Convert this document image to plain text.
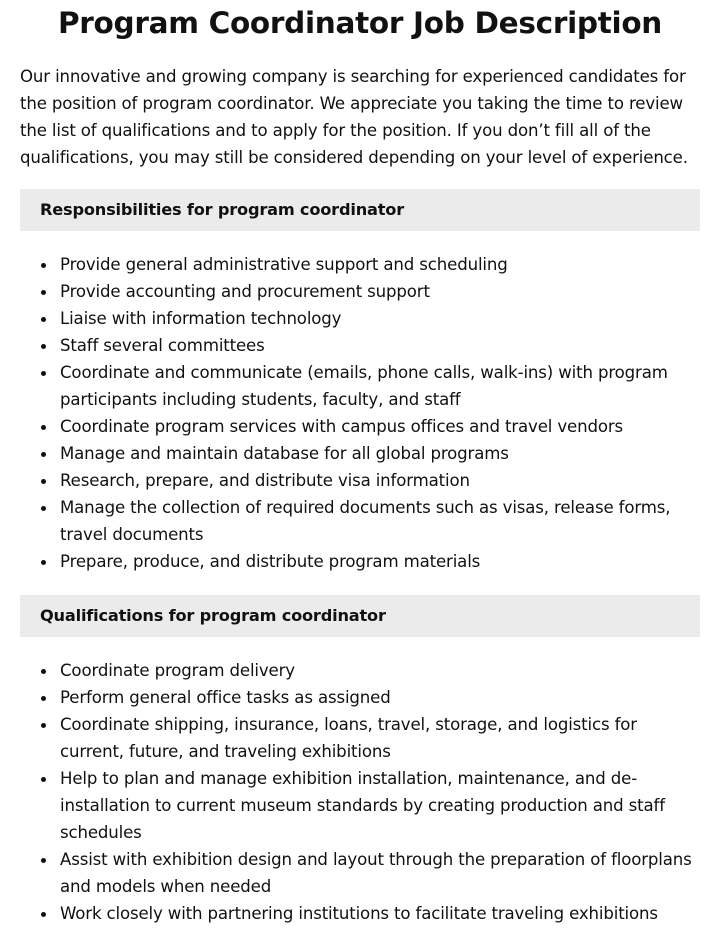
Program Coordinator Job Description

Our innovative and growing company is searching for experienced candidates for the position of program coordinator. We appreciate you taking the time to review the list of qualifications and to apply for the position. If you don’t fill all of the qualifications, you may still be considered depending on your level of experience.

Responsibilities for program coordinator
Provide general administrative support and scheduling
Provide accounting and procurement support
Liaise with information technology
Staff several committees
Coordinate and communicate (emails, phone calls, walk-ins) with program participants including students, faculty, and staff
Coordinate program services with campus offices and travel vendors
Manage and maintain database for all global programs
Research, prepare, and distribute visa information
Manage the collection of required documents such as visas, release forms, travel documents
Prepare, produce, and distribute program materials
Qualifications for program coordinator
Coordinate program delivery
Perform general office tasks as assigned
Coordinate shipping, insurance, loans, travel, storage, and logistics for current, future, and traveling exhibitions
Help to plan and manage exhibition installation, maintenance, and de-installation to current museum standards by creating production and staff schedules
Assist with exhibition design and layout through the preparation of floorplans and models when needed
Work closely with partnering institutions to facilitate traveling exhibitions
